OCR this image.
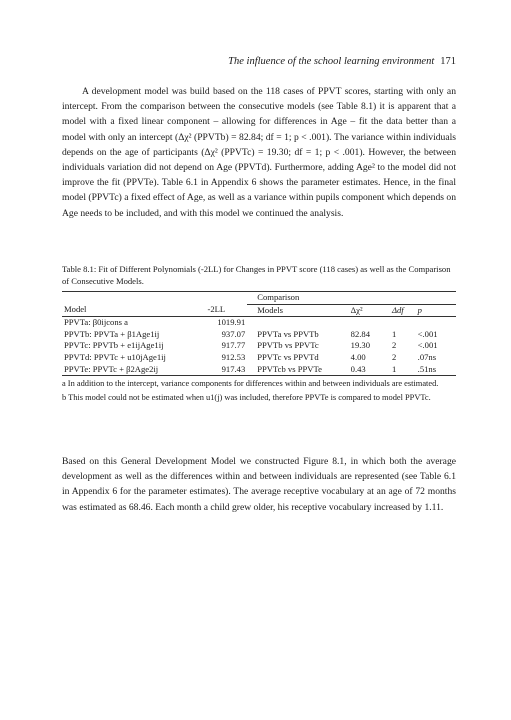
The influence of the school learning environment 171

A development model was build based on the 118 cases of PPVT scores, starting with only an intercept. From the comparison between the consecutive models (see Table 8.1) it is apparent that a model with a fixed linear component – allowing for differences in Age – fit the data better than a model with only an intercept (Δχ² (PPVTb) = 82.84; df = 1; p < .001). The variance within individuals depends on the age of participants (Δχ² (PPVTc) = 19.30; df = 1; p < .001). However, the between individuals variation did not depend on Age (PPVTd). Furthermore, adding Age² to the model did not improve the fit (PPVTe). Table 6.1 in Appendix 6 shows the parameter estimates. Hence, in the final model (PPVTc) a fixed effect of Age, as well as a variance within pupils component which depends on Age needs to be included, and with this model we continued the analysis.

Table 8.1: Fit of Different Polynomials (-2LL) for Changes in PPVT score (118 cases) as well as the Comparison of Consecutive Models.
		Comparison			
Model	-2LL	Models	Δχ²	Δdf	p
PPVTa: β0ijcons a	1019.91				
PPVTb: PPVTa + β1Age1ij	937.07	PPVTa vs PPVTb	82.84	1	<.001
PPVTc: PPVTb + e1ijAge1ij	917.77	PPVTb vs PPVTc	19.30	2	<.001
PPVTd: PPVTc + u10jAge1ij	912.53	PPVTc vs PPVTd	4.00	2	.07ns
PPVTe: PPVTc + β2Age2ij	917.43	PPVTcb vs PPVTe	0.43	1	.51ns
a In addition to the intercept, variance components for differences within and between individuals are estimated.
b This model could not be estimated when u1(j) was included, therefore PPVTe is compared to model PPVTc.

Based on this General Development Model we constructed Figure 8.1, in which both the average development as well as the differences within and between individuals are represented (see Table 6.1 in Appendix 6 for the parameter estimates). The average receptive vocabulary at an age of 72 months was estimated as 68.46. Each month a child grew older, his receptive vocabulary increased by 1.11.
